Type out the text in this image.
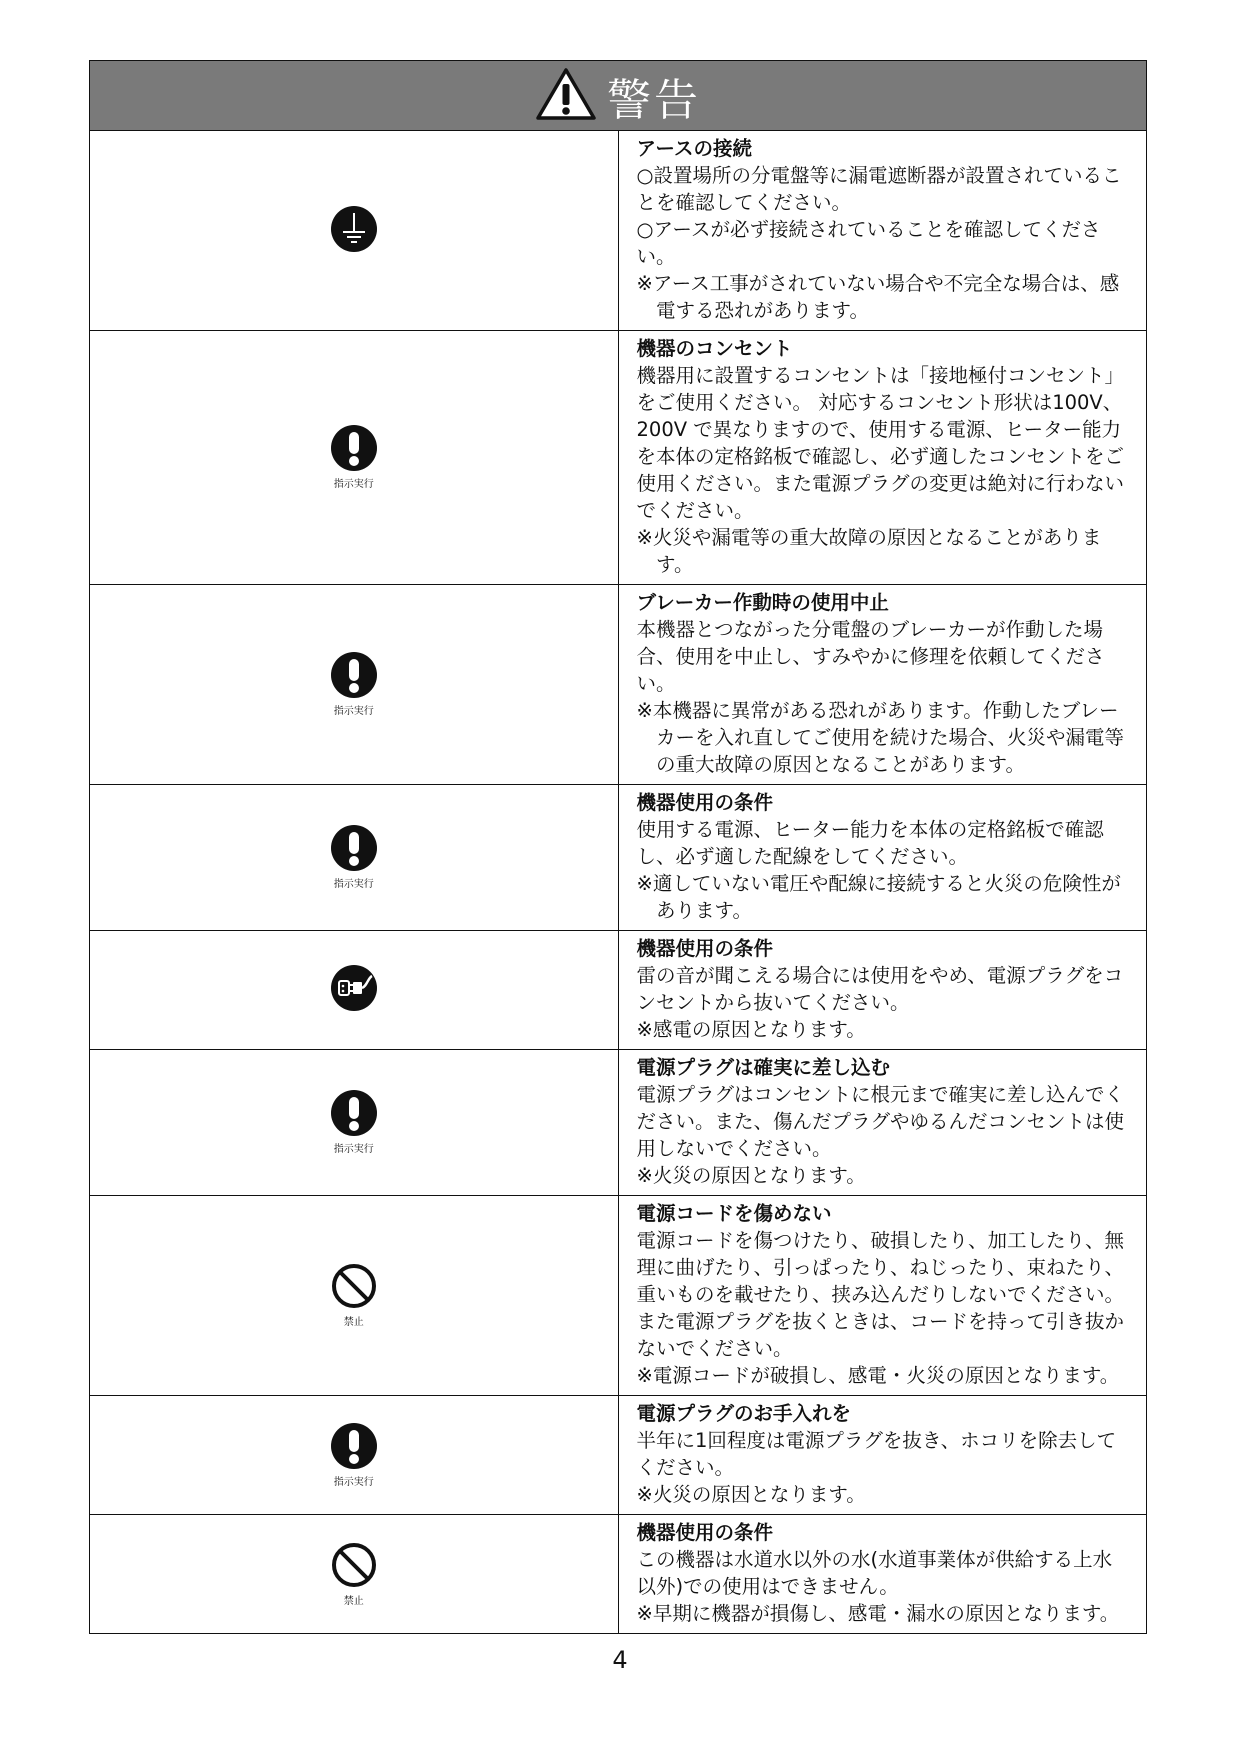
警告	

アースの接続
○設置場所の分電盤等に漏電遮断器が設置されていることを確認してください。
○アースが必ず接続されていることを確認してください。
※アース工事がされていない場合や不完全な場合は、感電する恐れがあります。

指示実行	機器のコンセント
機器用に設置するコンセントは「接地極付コンセント」をご使用ください。 対応するコンセント形状は100V、200V で異なりますので、使用する電源、ヒーター能力を本体の定格銘板で確認し、必ず適したコンセントをご使用ください。また電源プラグの変更は絶対に行わないでください。
※火災や漏電等の重大故障の原因となることがあります。

指示実行	ブレーカー作動時の使用中止
本機器とつながった分電盤のブレーカーが作動した場合、使用を中止し、すみやかに修理を依頼してください。
※本機器に異常がある恐れがあります。作動したブレーカーを入れ直してご使用を続けた場合、火災や漏電等の重大故障の原因となることがあります。

指示実行	機器使用の条件
使用する電源、ヒーター能力を本体の定格銘板で確認し、必ず適した配線をしてください。
※適していない電圧や配線に接続すると火災の危険性があります。

機器使用の条件
雷の音が聞こえる場合には使用をやめ、電源プラグをコンセントから抜いてください。
※感電の原因となります。

指示実行	電源プラグは確実に差し込む
電源プラグはコンセントに根元まで確実に差し込んでください。また、傷んだプラグやゆるんだコンセントは使用しないでください。
※火災の原因となります。

禁止	電源コードを傷めない
電源コードを傷つけたり、破損したり、加工したり、無理に曲げたり、引っぱったり、ねじったり、束ねたり、重いものを載せたり、挟み込んだりしないでください。
また電源プラグを抜くときは、コードを持って引き抜かないでください。
※電源コードが破損し、感電・火災の原因となります。

指示実行	電源プラグのお手入れを
半年に1回程度は電源プラグを抜き、ホコリを除去してください。
※火災の原因となります。

禁止	機器使用の条件
この機器は水道水以外の水(水道事業体が供給する上水以外)での使用はできません。
※早期に機器が損傷し、感電・漏水の原因となります。
4
